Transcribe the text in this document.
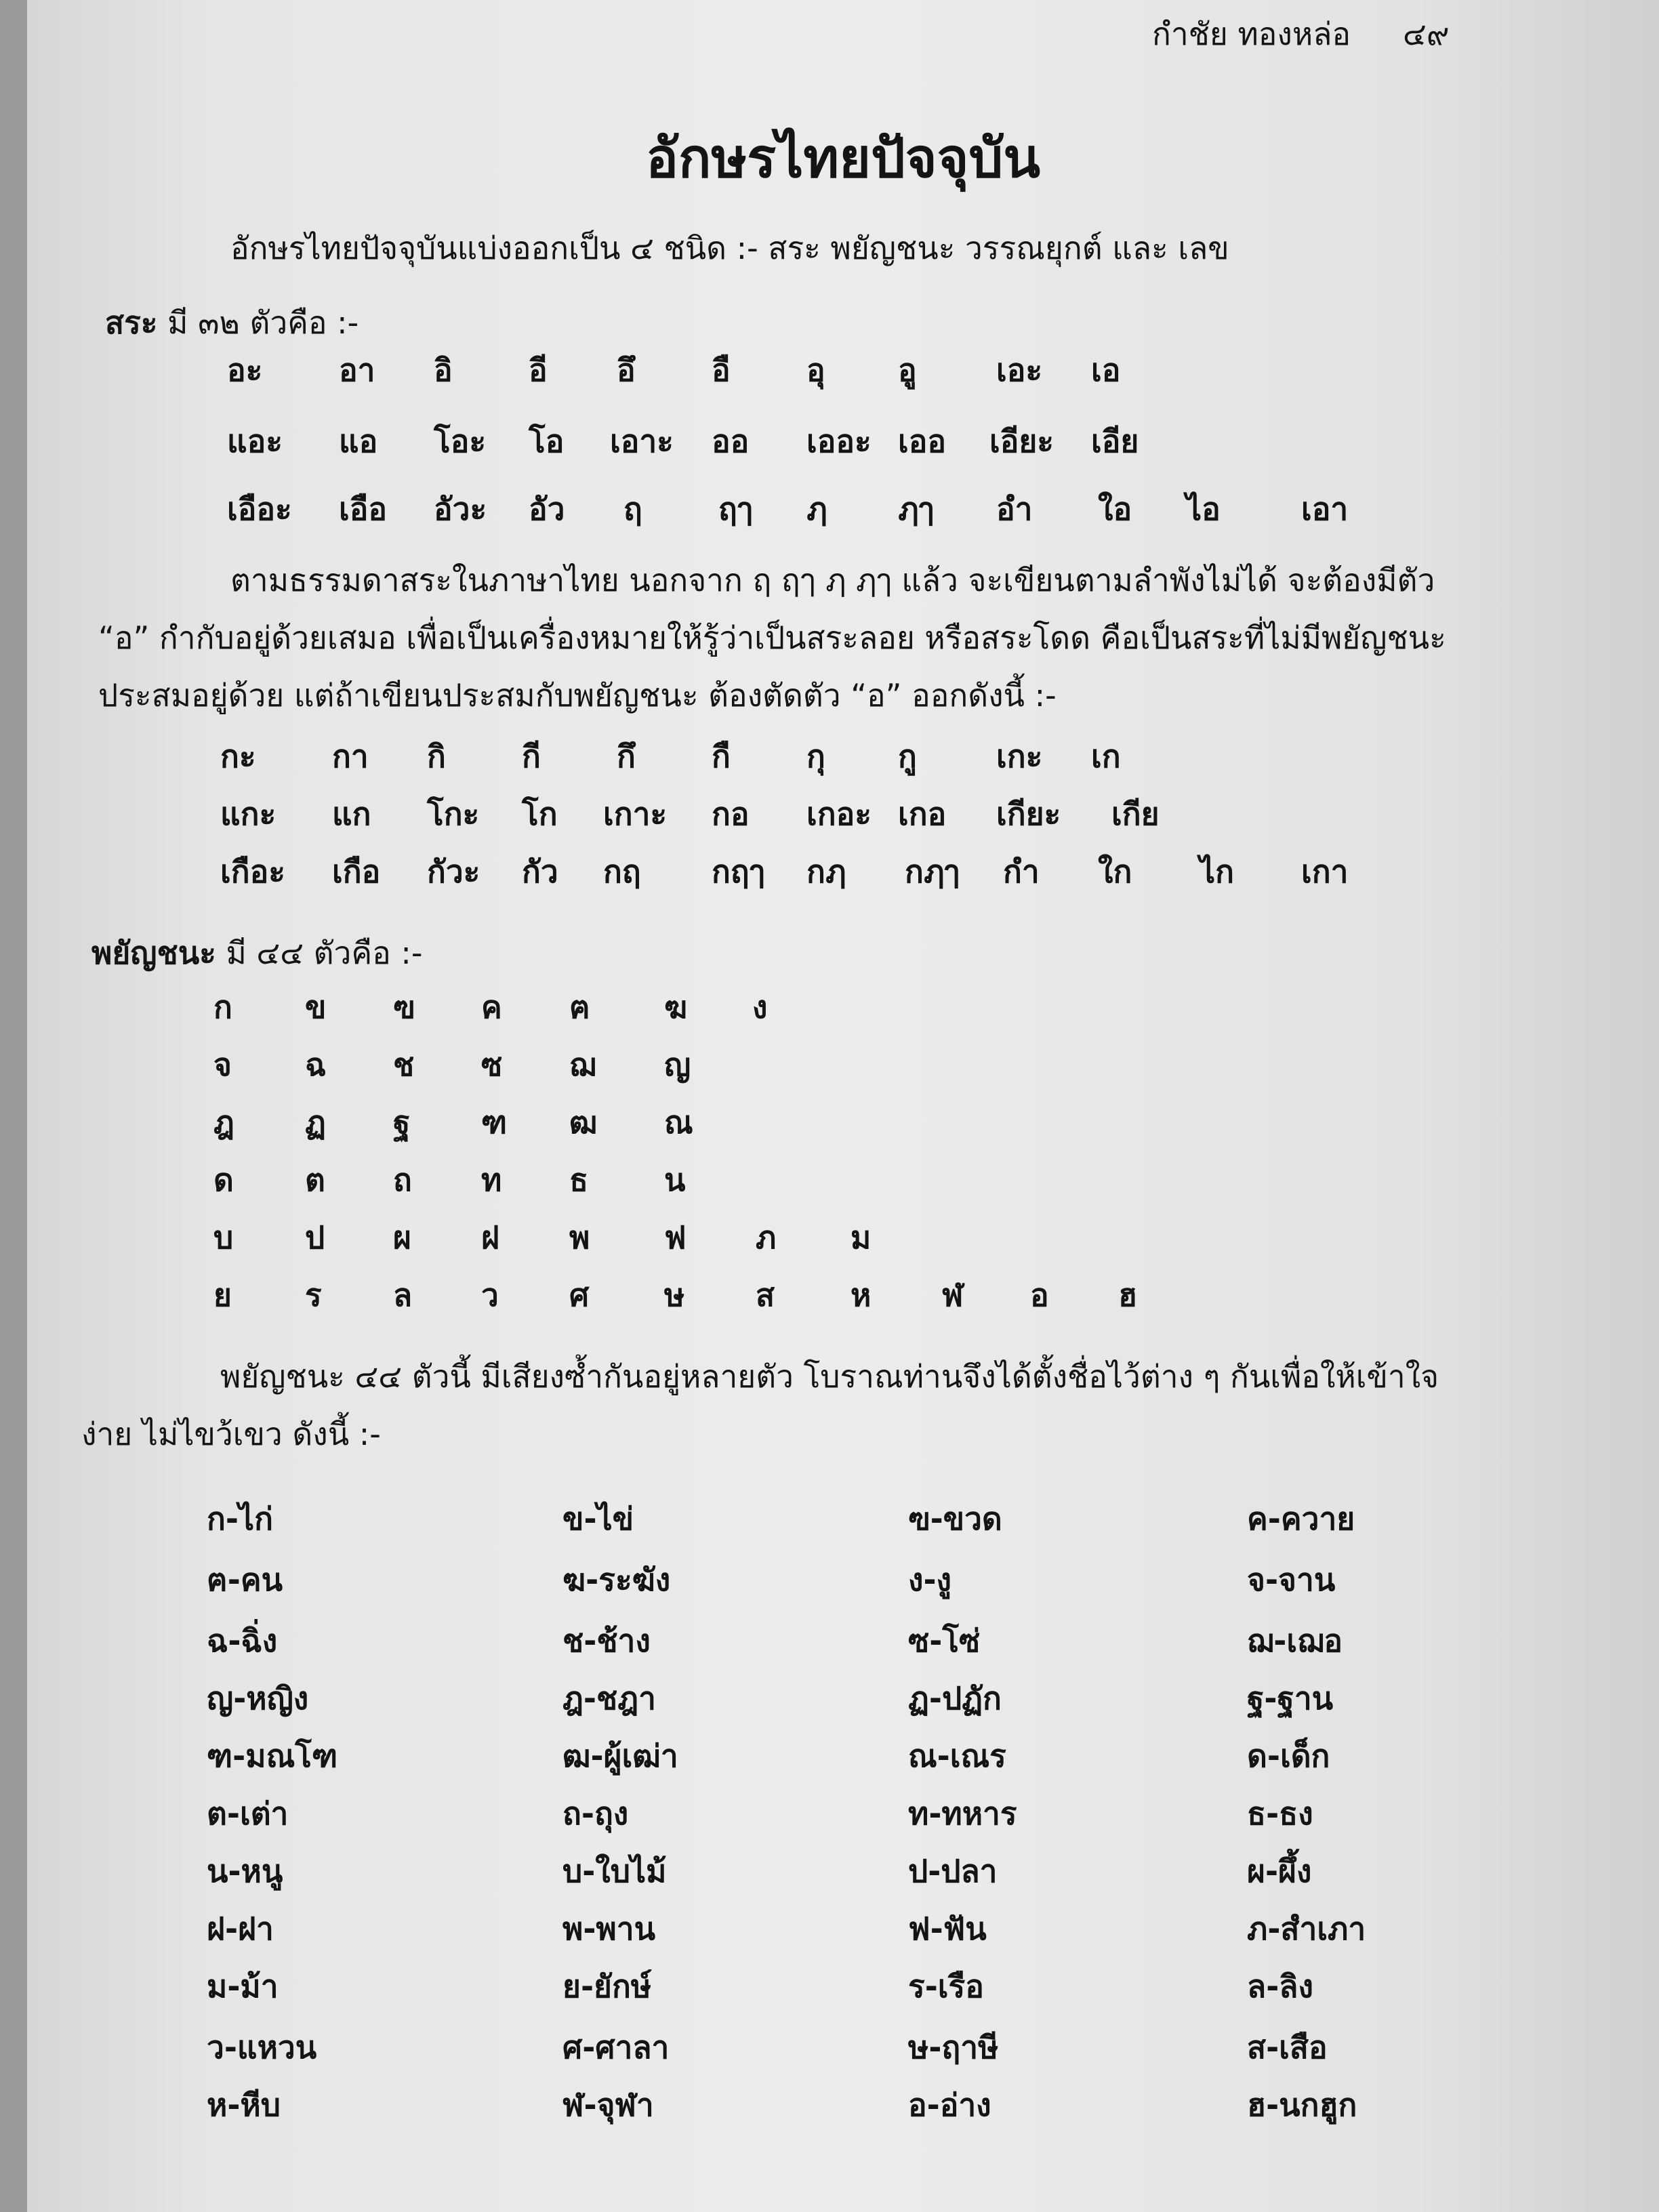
กำชัย ทองหล่อ ๔๙
อักษรไทยปัจจุบัน
อักษรไทยปัจจุบันแบ่งออกเป็น ๔ ชนิด :- สระ พยัญชนะ วรรณยุกต์ และ เลข
สระ มี ๓๒ ตัวคือ :-
อะ อา อิ อี อึ อื อุ อู	เอะ เอ
แอะ แอ โอะ โอ เอาะ ออ เออะ เออ เอียะ เอีย
เอือะ เอือ อัวะ อัว ฤ ฤๅ ฦ ฦๅ อำ ใอ ไอ	เอา
ตามธรรมดาสระในภาษาไทย นอกจาก ฤ ฤๅ ฦ ฦๅ แล้ว จะเขียนตามลำพังไม่ได้ จะต้องมีตัว
“อ” กำกับอยู่ด้วยเสมอ เพื่อเป็นเครื่องหมายให้รู้ว่าเป็นสระลอย หรือสระโดด คือเป็นสระที่ไม่มีพยัญชนะ
ประสมอยู่ด้วย แต่ถ้าเขียนประสมกับพยัญชนะ ต้องตัดตัว “อ” ออกดังนี้ :-
กะ กา กิ กี กึ กื กุ กู	เกะ เก
แกะ แก โกะ โก เกาะ กอ เกอะ เกอ เกียะ เกีย
เกือะ เกือ กัวะ กัว กฤ กฤๅ กฦ กฦๅ กำ ใก ไก เกา
พยัญชนะ มี ๔๔ ตัวคือ :-
ก ข ฃ ค ฅ ฆ ง
จ ฉ ช ซ ฌ ญ
ฎ ฏ ฐ ฑ ฒ ณ
ด ต ถ ท ธ น
บ ป ผ ฝ พ ฟ ภ ม
ย ร ล ว ศ ษ ส ห ฬ อ ฮ
พยัญชนะ ๔๔ ตัวนี้ มีเสียงซ้ำกันอยู่หลายตัว โบราณท่านจึงได้ตั้งชื่อไว้ต่าง ๆ กันเพื่อให้เข้าใจ
ง่าย ไม่ไขว้เขว ดังนี้ :-
ก-ไก่	ข-ไข่	ฃ-ขวด	ค-ควาย
ฅ-คน	ฆ-ระฆัง	ง-งู	จ-จาน
ฉ-ฉิ่ง	ช-ช้าง	ซ-โซ่	ฌ-เฌอ
ญ-หญิง	ฎ-ชฎา	ฏ-ปฏัก	ฐ-ฐาน
ฑ-มณโฑ	ฒ-ผู้เฒ่า	ณ-เณร	ด-เด็ก
ต-เต่า	ถ-ถุง	ท-ทหาร	ธ-ธง
น-หนู	บ-ใบไม้	ป-ปลา	ผ-ผึ้ง
ฝ-ฝา	พ-พาน	ฟ-ฟัน	ภ-สำเภา
ม-ม้า	ย-ยักษ์	ร-เรือ	ล-ลิง
ว-แหวน	ศ-ศาลา	ษ-ฤาษี	ส-เสือ
ห-หีบ	ฬ-จุฬา	อ-อ่าง	ฮ-นกฮูก
